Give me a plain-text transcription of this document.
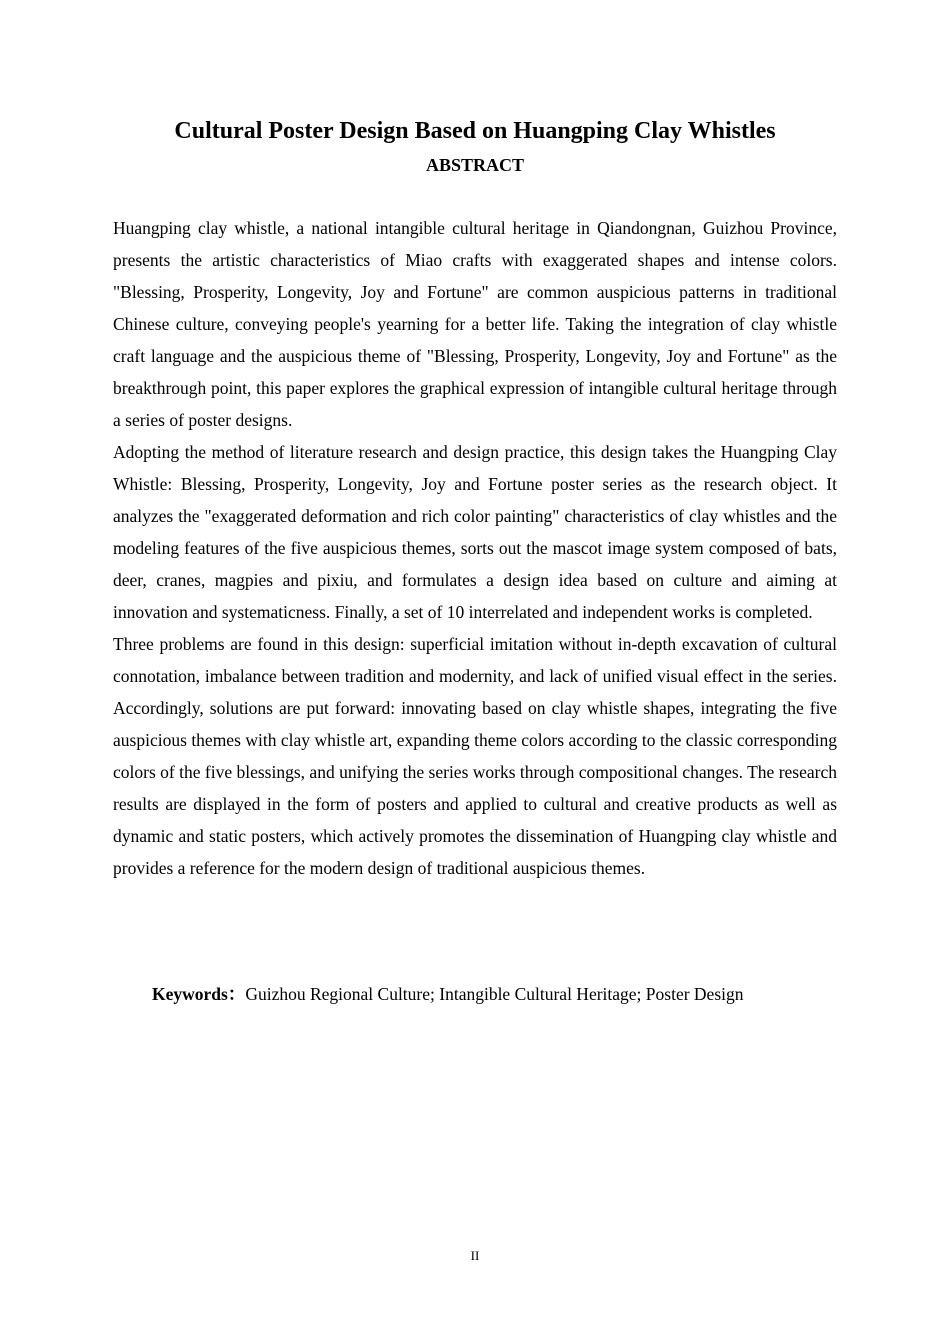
Cultural Poster Design Based on Huangping Clay Whistles
ABSTRACT

Huangping clay whistle, a national intangible cultural heritage in Qiandongnan, Guizhou Province, presents the artistic characteristics of Miao crafts with exaggerated shapes and intense colors. "Blessing, Prosperity, Longevity, Joy and Fortune" are common auspicious patterns in traditional Chinese culture, conveying people's yearning for a better life. Taking the integration of clay whistle craft language and the auspicious theme of "Blessing, Prosperity, Longevity, Joy and Fortune" as the breakthrough point, this paper explores the graphical expression of intangible cultural heritage through a series of poster designs.

Adopting the method of literature research and design practice, this design takes the Huangping Clay Whistle: Blessing, Prosperity, Longevity, Joy and Fortune poster series as the research object. It analyzes the "exaggerated deformation and rich color painting" characteristics of clay whistles and the modeling features of the five auspicious themes, sorts out the mascot image system composed of bats, deer, cranes, magpies and pixiu, and formulates a design idea based on culture and aiming at innovation and systematicness. Finally, a set of 10 interrelated and independent works is completed.

Three problems are found in this design: superficial imitation without in-depth excavation of cultural connotation, imbalance between tradition and modernity, and lack of unified visual effect in the series. Accordingly, solutions are put forward: innovating based on clay whistle shapes, integrating the five auspicious themes with clay whistle art, expanding theme colors according to the classic corresponding colors of the five blessings, and unifying the series works through compositional changes. The research results are displayed in the form of posters and applied to cultural and creative products as well as dynamic and static posters, which actively promotes the dissemination of Huangping clay whistle and provides a reference for the modern design of traditional auspicious themes.

Keywords：Guizhou Regional Culture; Intangible Cultural Heritage; Poster Design
II
